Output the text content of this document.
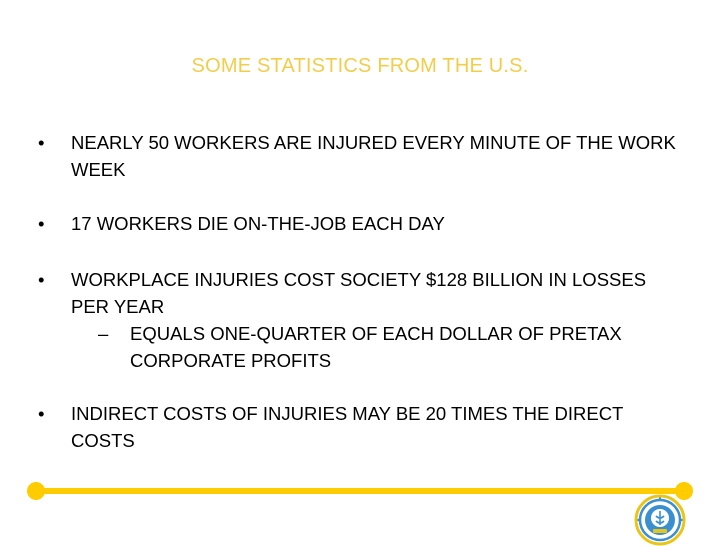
SOME STATISTICS FROM THE U.S.
•	NEARLY 50 WORKERS ARE INJURED EVERY MINUTE OF THE WORK WEEK
•	17 WORKERS DIE ON-THE-JOB EACH DAY
•	WORKPLACE INJURIES COST SOCIETY $128 BILLION IN LOSSES PER YEAR
– EQUALS ONE-QUARTER OF EACH DOLLAR OF PRETAX CORPORATE PROFITS
•	INDIRECT COSTS OF INJURIES MAY BE 20 TIMES THE DIRECT COSTS
